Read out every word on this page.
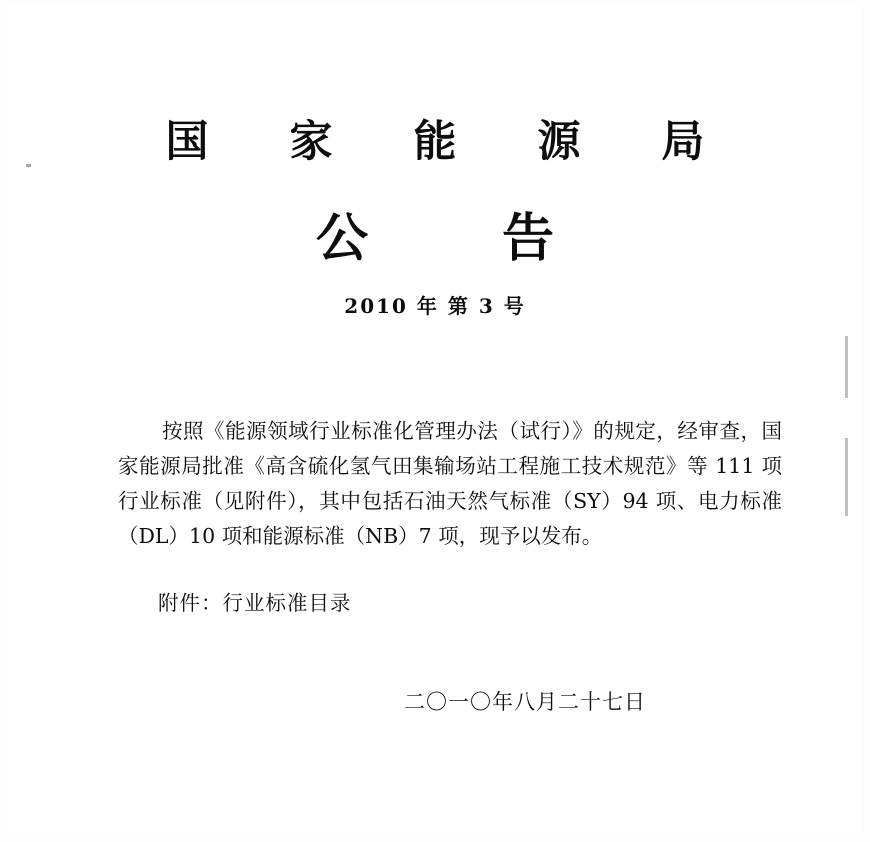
国 家 能 源 局
公 告
2010 年 第 3 号

按照《能源领域行业标准化管理办法（试行）》的规定，经审查，国家能源局批准《高含硫化氢气田集输场站工程施工技术规范》等 111 项行业标准（见附件），其中包括石油天然气标准（SY）94 项、电力标准（DL）10 项和能源标准（NB）7 项，现予以发布。

附件：行业标准目录
二〇一〇年八月二十七日
